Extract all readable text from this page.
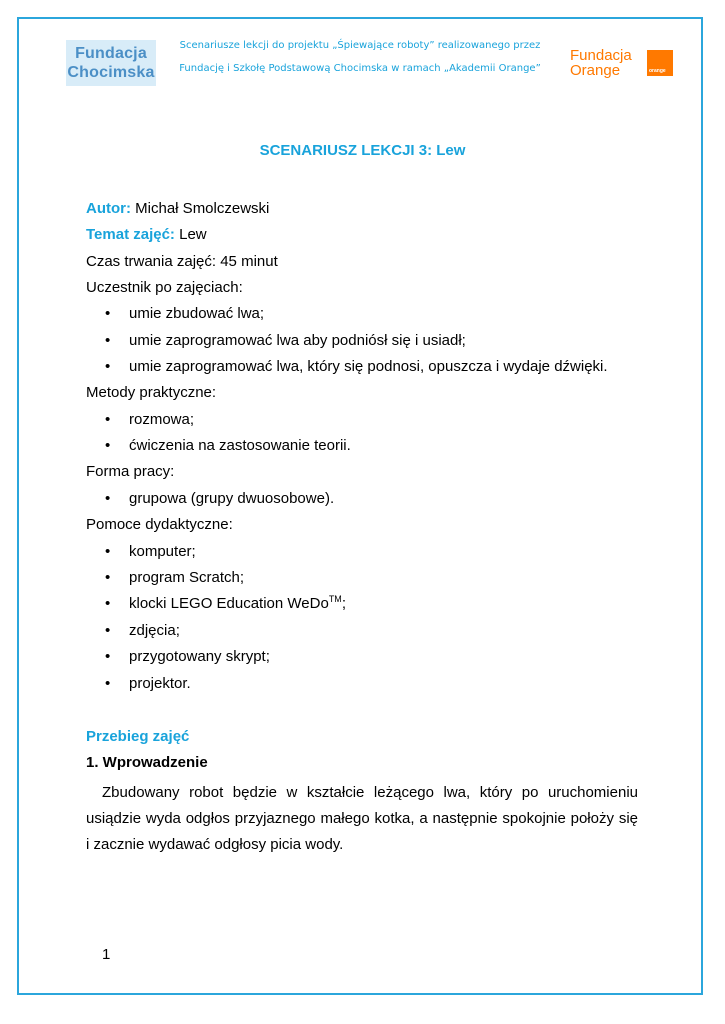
Fundacja
Chocimska
Scenariusze lekcji do projektu „Śpiewające roboty” realizowanego przez
Fundację i Szkołę Podstawową Chocimska w ramach „Akademii Orange”
Fundacja
Orange	orange
SCENARIUSZ LEKCJI 3: Lew
Autor: Michał Smolczewski
Temat zajęć: Lew
Czas trwania zajęć: 45 minut
Uczestnik po zajęciach:
• umie zbudować lwa;
• umie zaprogramować lwa aby podniósł się i usiadł;
• umie zaprogramować lwa, który się podnosi, opuszcza i wydaje dźwięki.
Metody praktyczne:
• rozmowa;
• ćwiczenia na zastosowanie teorii.
Forma pracy:
• grupowa (grupy dwuosobowe).
Pomoce dydaktyczne:
• komputer;
• program Scratch;
• klocki LEGO Education WeDo™;
• zdjęcia;
• przygotowany skrypt;
• projektor.
Przebieg zajęć
1. Wprowadzenie
Zbudowany robot będzie w kształcie leżącego lwa, który po uruchomieniu usiądzie wyda odgłos przyjaznego małego kotka, a następnie spokojnie położy się i zacznie wydawać odgłosy picia wody.
1
